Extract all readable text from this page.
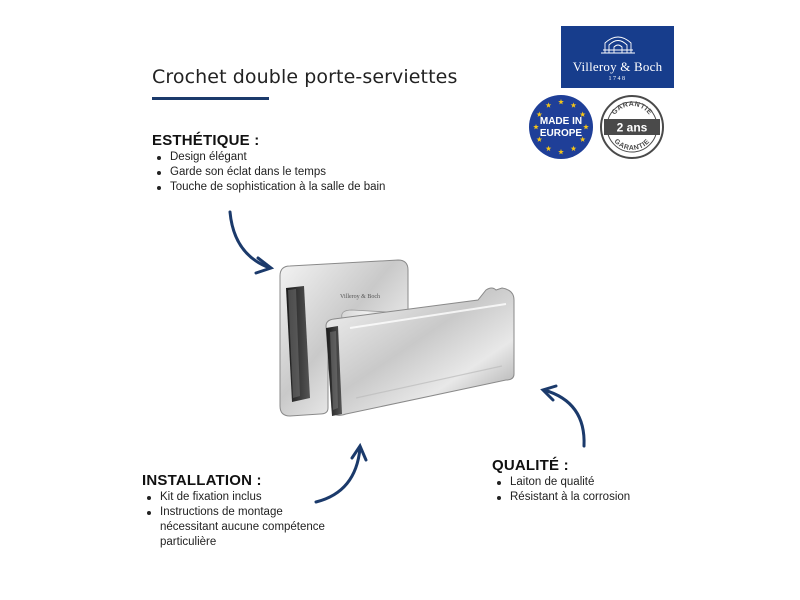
Crochet double porte-serviettes	Villeroy & Boch
1748
MADE IN
EUROPE
GARANTIE
GARANTIE
2 ans
ESTHÉTIQUE :
Design élégant
Garde son éclat dans le temps
Touche de sophistication à la salle de bain
INSTALLATION :
Kit de fixation inclus
Instructions de montage nécessitant aucune compétence particulière
QUALITÉ :
Laiton de qualité
Résistant à la corrosion
Villeroy & Boch
